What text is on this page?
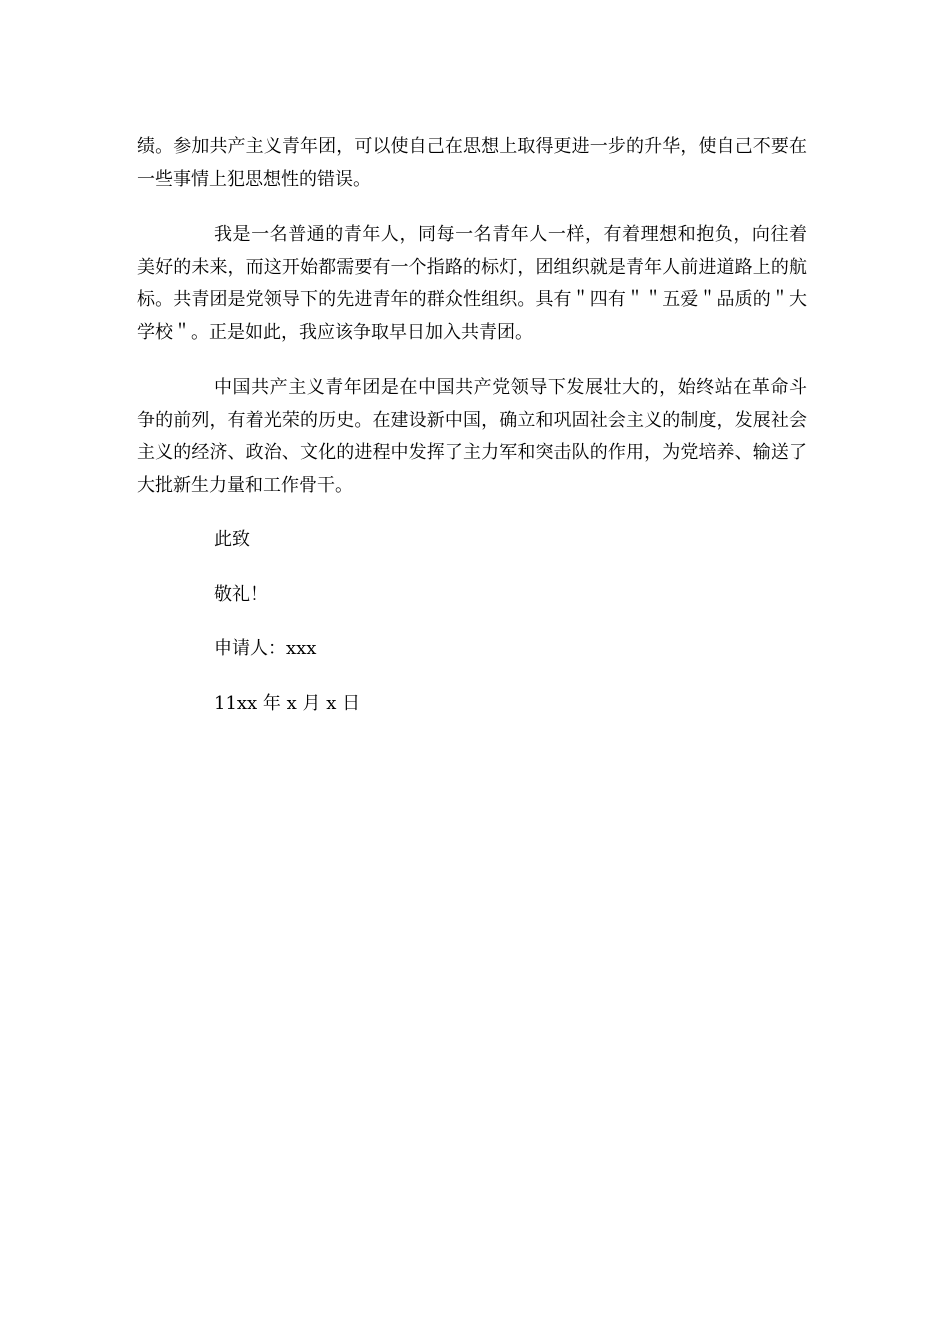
绩。参加共产主义青年团，可以使自己在思想上取得更进一步的升华，使自己不要在一些事情上犯思想性的错误。

我是一名普通的青年人，同每一名青年人一样，有着理想和抱负，向往着美好的未来，而这开始都需要有一个指路的标灯，团组织就是青年人前进道路上的航标。共青团是党领导下的先进青年的群众性组织。具有＂四有＂＂五爱＂品质的＂大学校＂。正是如此，我应该争取早日加入共青团。

中国共产主义青年团是在中国共产党领导下发展壮大的，始终站在革命斗争的前列，有着光荣的历史。在建设新中国，确立和巩固社会主义的制度，发展社会主义的经济、政治、文化的进程中发挥了主力军和突击队的作用，为党培养、输送了大批新生力量和工作骨干。

此致

敬礼！

申请人：xxx

11xx 年 x 月 x 日
